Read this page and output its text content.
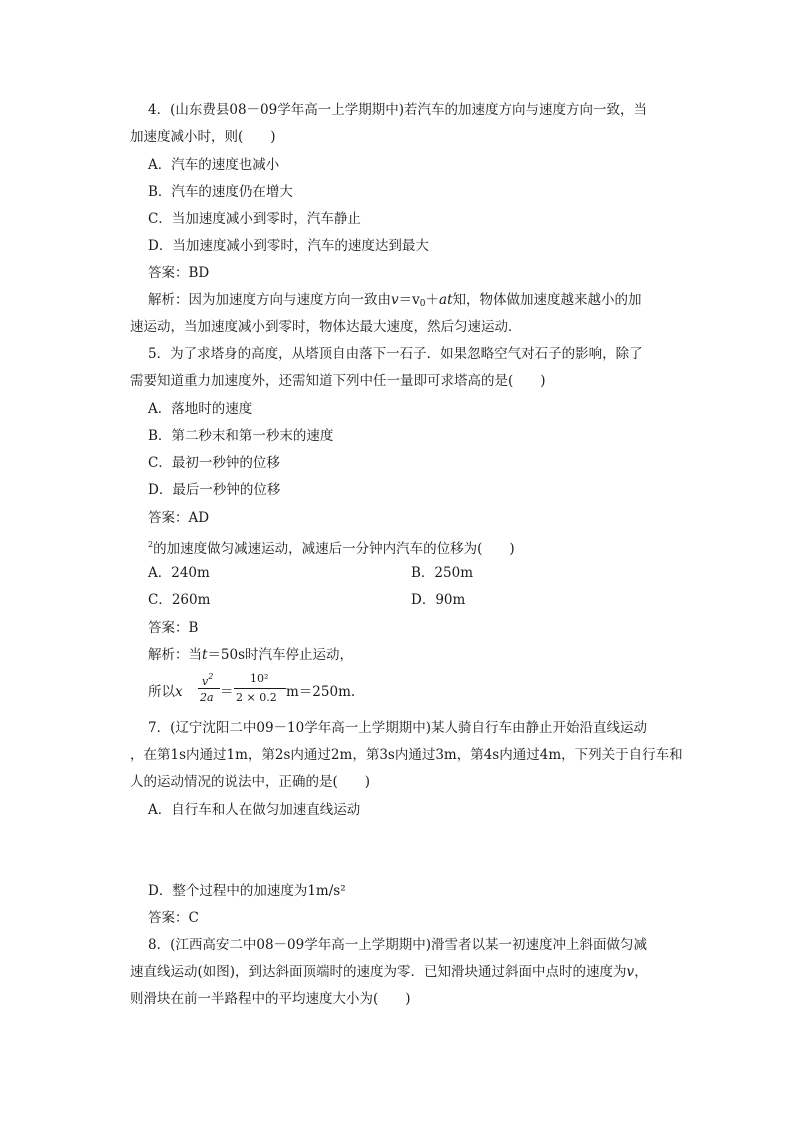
4．(山东费县08－09学年高一上学期期中)若汽车的加速度方向与速度方向一致，当
加速度减小时，则(　　)
A．汽车的速度也减小
B．汽车的速度仍在增大
C．当加速度减小到零时，汽车静止
D．当加速度减小到零时，汽车的速度达到最大
答案：BD
解析：因为加速度方向与速度方向一致由$v=v_0+at$知，物体做加速度越来越小的加
速运动，当加速度减小到零时，物体达最大速度，然后匀速运动．
5．为了求塔身的高度，从塔顶自由落下一石子．如果忽略空气对石子的影响，除了
需要知道重力加速度外，还需知道下列中任一量即可求塔高的是(　　)
A．落地时的速度
B．第二秒末和第一秒末的速度
C．最初一秒钟的位移
D．最后一秒钟的位移
答案：AD
$^2$的加速度做匀减速运动，减速后一分钟内汽车的位移为(　　)
A．240m	B．250m
C．260m	D．90m
答案：B
解析：当t＝50s时汽车停止运动，
所以x
$v^2$
2a ＝
10²
2 × 0.2 m＝250m.
7．(辽宁沈阳二中09－10学年高一上学期期中)某人骑自行车由静止开始沿直线运动
，在第1s内通过1m，第2s内通过2m，第3s内通过3m，第4s内通过4m，下列关于自行车和
人的运动情况的说法中，正确的是(　　)
A．自行车和人在做匀加速直线运动
D．整个过程中的加速度为1m/s²
答案：C
8．(江西高安二中08－09学年高一上学期期中)滑雪者以某一初速度冲上斜面做匀减
速直线运动(如图)，到达斜面顶端时的速度为零．已知滑块通过斜面中点时的速度为v，
则滑块在前一半路程中的平均速度大小为(　　)
